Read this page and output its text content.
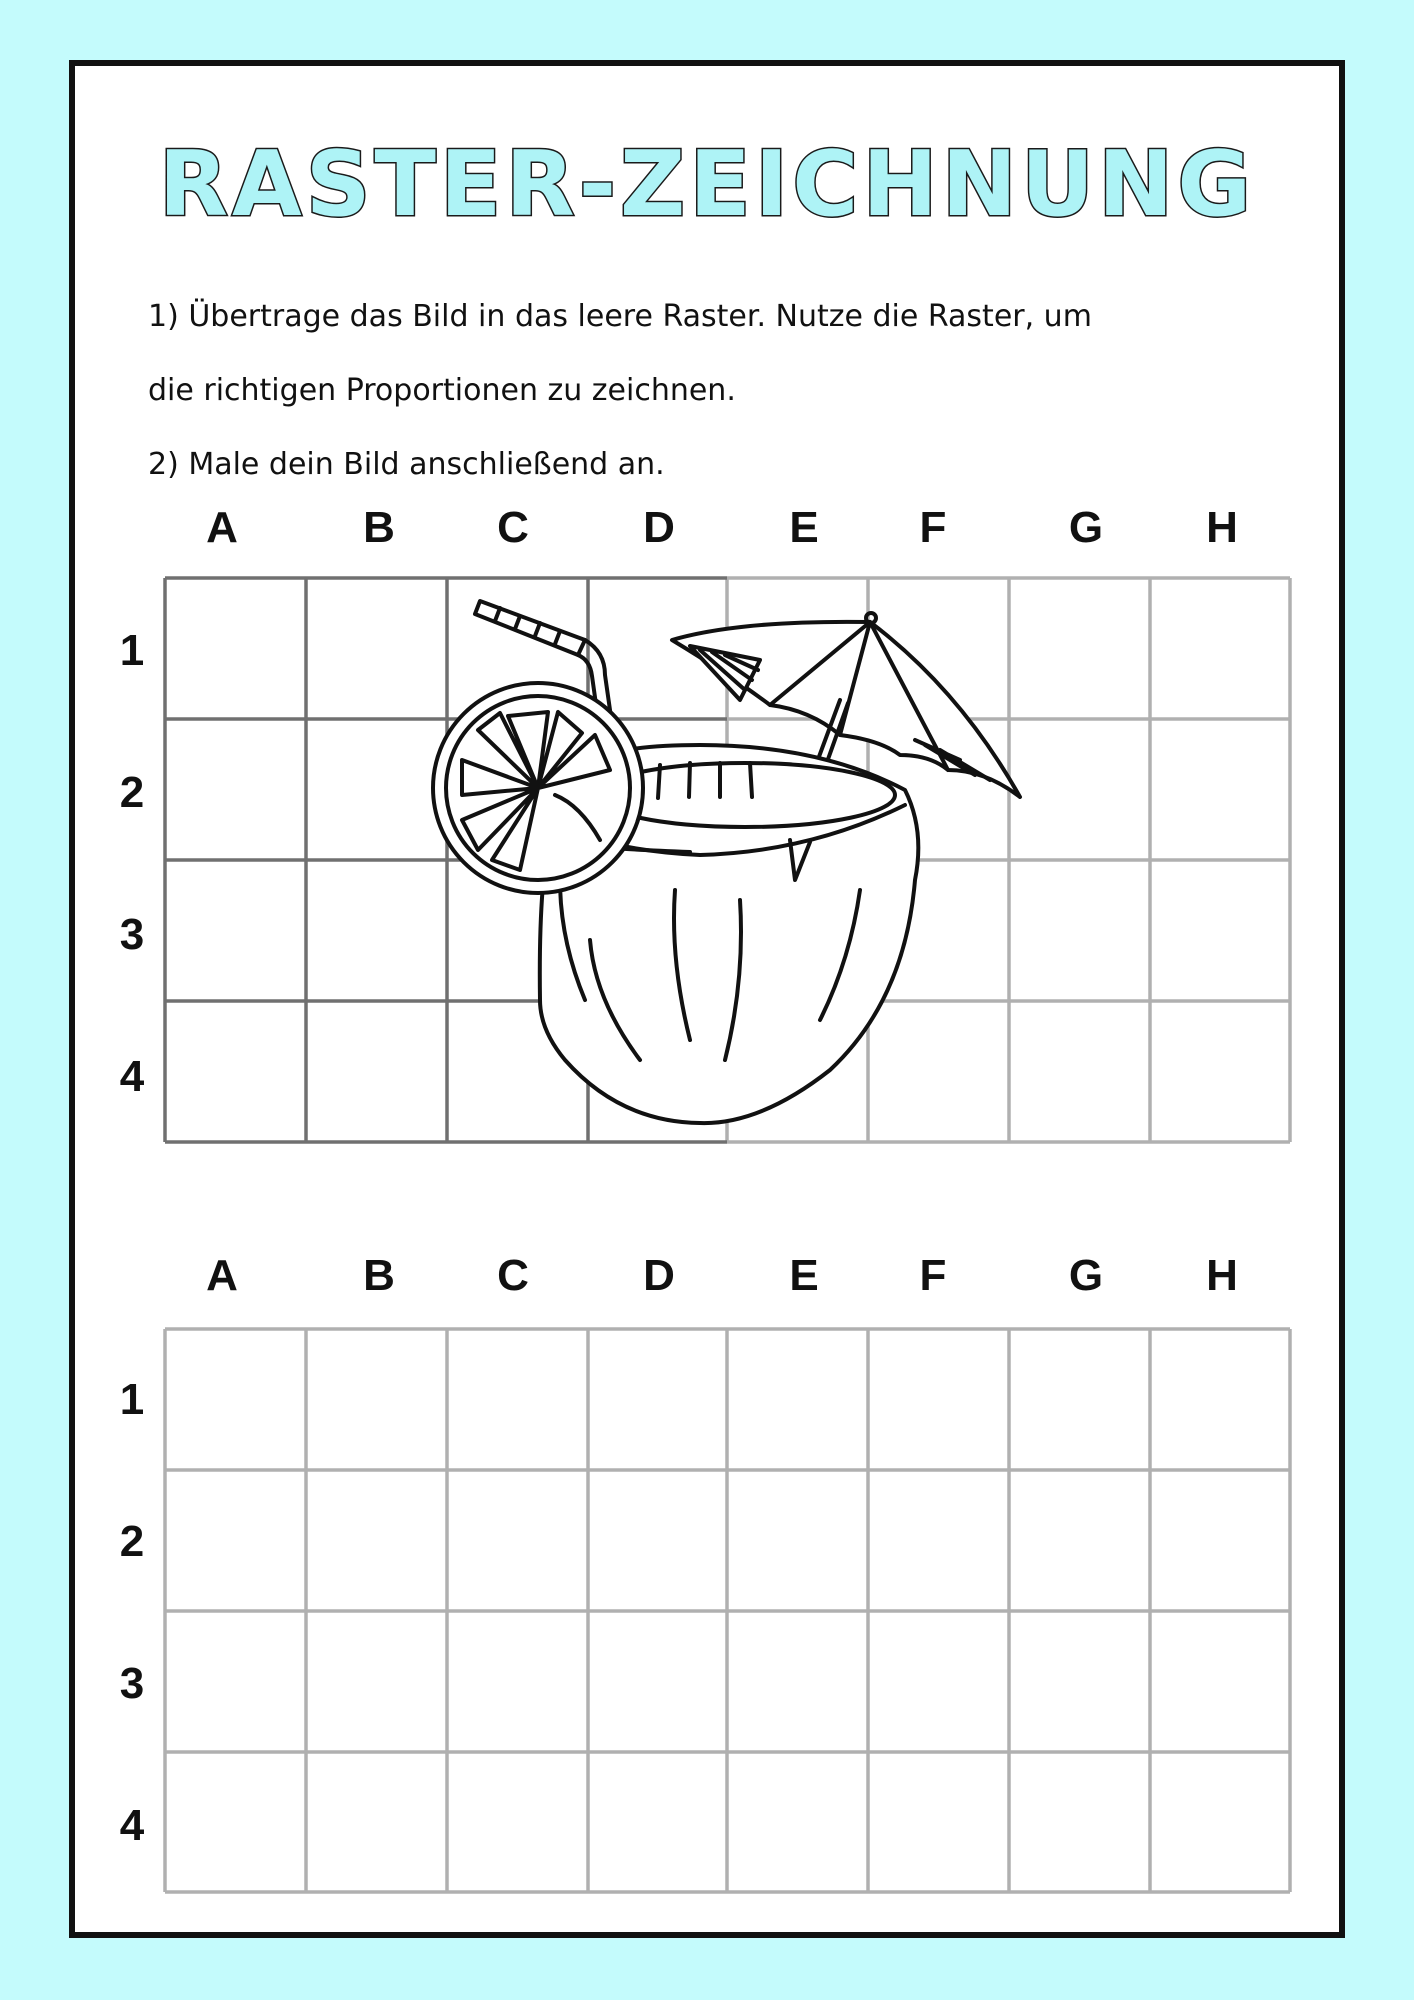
RASTER-ZEICHNUNG
1) Übertrage das Bild in das leere Raster. Nutze die Raster, um
die richtigen Proportionen zu zeichnen.
2) Male dein Bild anschließend an.
A	B	C	D	E	F	G	H
1
2
3
4
A	B	C	D	E	F	G	H
1
2
3
4
